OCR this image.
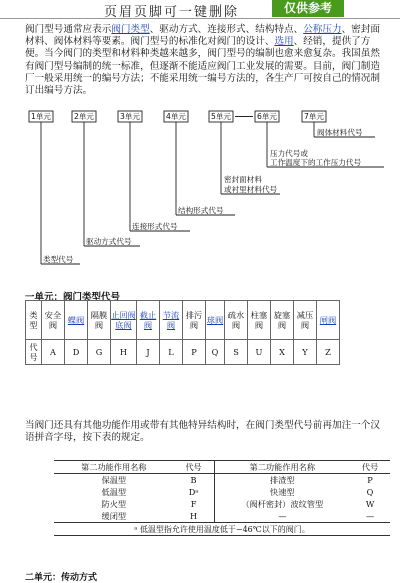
页眉页脚可一键删除	仅供参考
阀门型号通常应表示阀门类型、驱动方式、连接形式、结构特点、公称压力、密封面材料、阀体材料等要素。阀门型号的标准化对阀门的设计、选用、经销，提供了方便。当今阀门的类型和材料种类越来越多，阀门型号的编制也愈来愈复杂。我国虽然有阀门型号编制的统一标准，但逐渐不能适应阀门工业发展的需要。目前，阀门制造厂一般采用统一的编号方法；不能采用统一编号方法的，各生产厂可按自己的情况制订出编号方法。
1单元	2单元	3单元	4单元	5单元	6单元	7单元
阀体材料代号
压力代号或
工作温度下的工作压力代号
密封面材料
或衬里材料代号
结构形式代号
连接形式代号
驱动方式代号
类型代号
一单元：阀门类型代号
类型	安全阀	蝶阀	隔膜阀	止回阀底阀	截止阀	节流阀	排污阀	球阀	疏水阀	柱塞阀	旋塞阀	减压阀	闸阀
代号	A	D	G	H	J	L	P	Q	S	U	X	Y	Z
当阀门还具有其他功能作用或带有其他特异结构时，在阀门类型代号前再加注一个汉语拼音字母，按下表的规定。
第二功能作用名称	代号	第二功能作用名称	代号
保温型	B	排渣型	P
低温型	Dᵃ	快速型	Q
防火型	F	（阀杆密封）波纹管型	W
缓闭型	H	—	—
ᵃ 低温型指允许使用温度低于−46℃以下的阀门。			
二单元：传动方式
